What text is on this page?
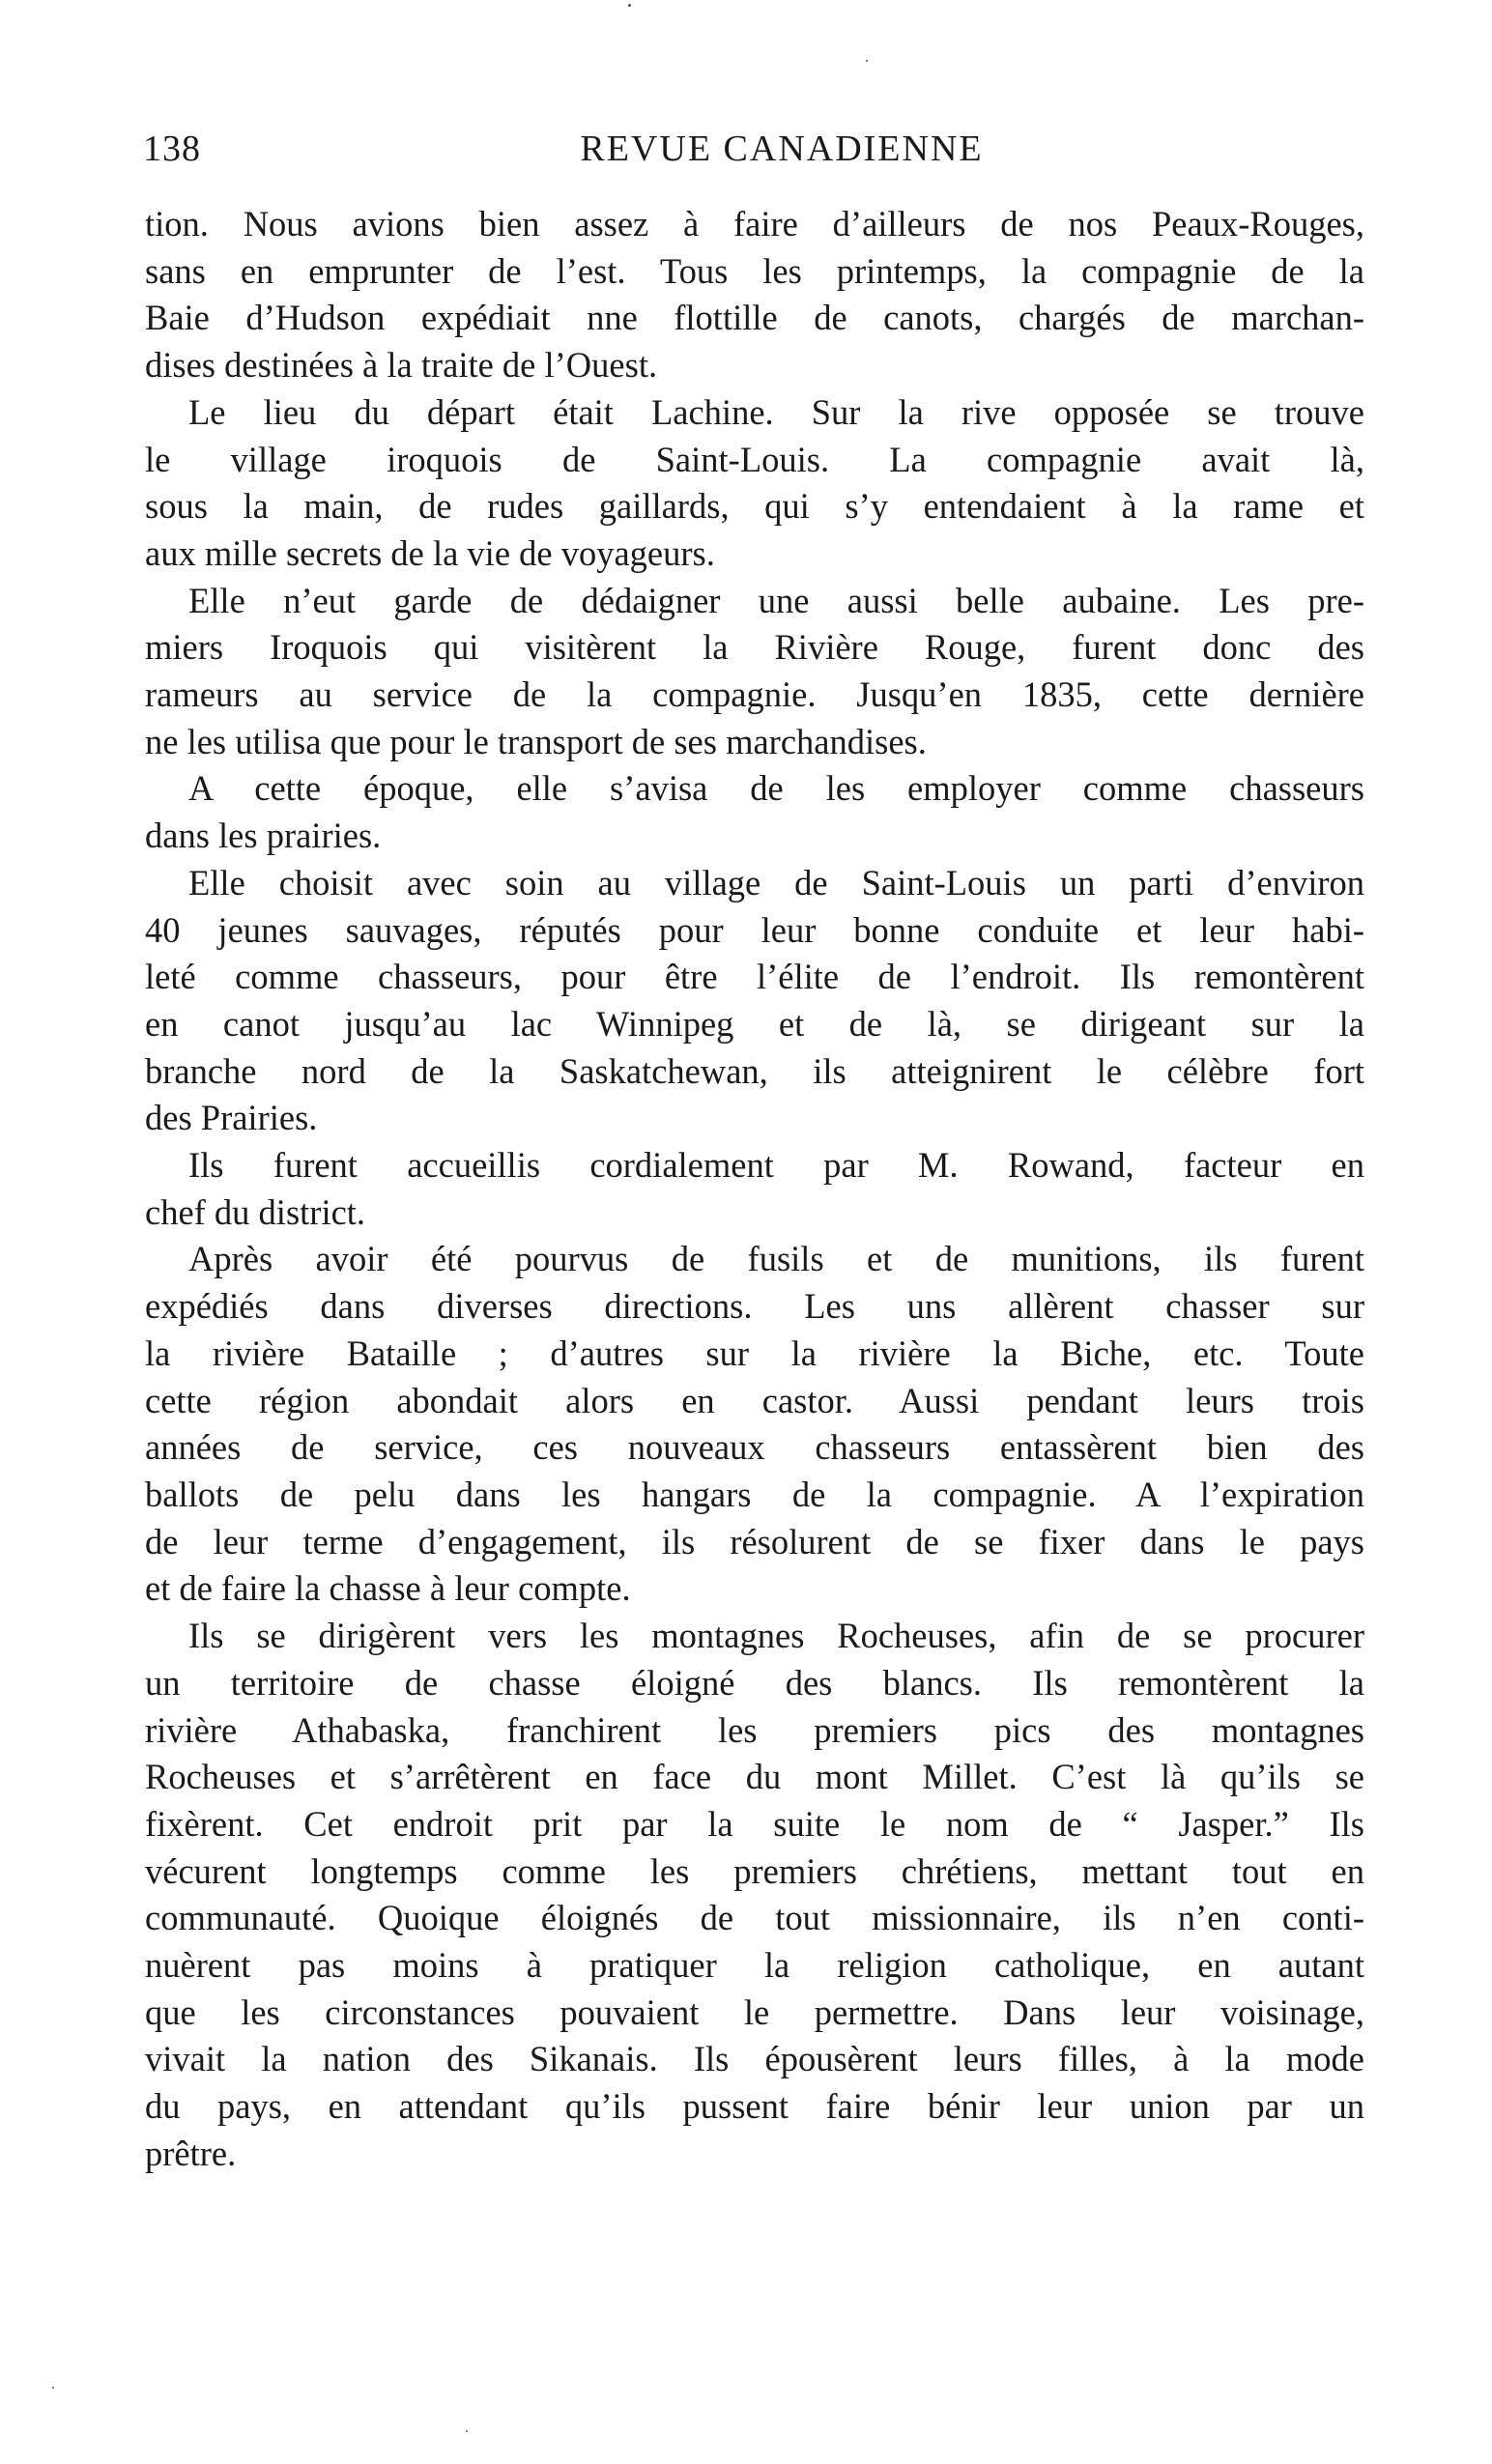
138	REVUE CANADIENNE
tion. Nous avions bien assez à faire d’ailleurs de nos Peaux-Rouges,
sans en emprunter de l’est. Tous les printemps, la compagnie de la
Baie d’Hudson expédiait nne flottille de canots, chargés de marchan-
dises destinées à la traite de l’Ouest.
Le lieu du départ était Lachine. Sur la rive opposée se trouve
le village iroquois de Saint-Louis. La compagnie avait là,
sous la main, de rudes gaillards, qui s’y entendaient à la rame et
aux mille secrets de la vie de voyageurs.
Elle n’eut garde de dédaigner une aussi belle aubaine. Les pre-
miers Iroquois qui visitèrent la Rivière Rouge, furent donc des
rameurs au service de la compagnie. Jusqu’en 1835, cette dernière
ne les utilisa que pour le transport de ses marchandises.
A cette époque, elle s’avisa de les employer comme chasseurs
dans les prairies.
Elle choisit avec soin au village de Saint-Louis un parti d’environ
40 jeunes sauvages, réputés pour leur bonne conduite et leur habi-
leté comme chasseurs, pour être l’élite de l’endroit. Ils remontèrent
en canot jusqu’au lac Winnipeg et de là, se dirigeant sur la
branche nord de la Saskatchewan, ils atteignirent le célèbre fort
des Prairies.
Ils furent accueillis cordialement par M. Rowand, facteur en
chef du district.
Après avoir été pourvus de fusils et de munitions, ils furent
expédiés dans diverses directions. Les uns allèrent chasser sur
la rivière Bataille ; d’autres sur la rivière la Biche, etc. Toute
cette région abondait alors en castor. Aussi pendant leurs trois
années de service, ces nouveaux chasseurs entassèrent bien des
ballots de pelu dans les hangars de la compagnie. A l’expiration
de leur terme d’engagement, ils résolurent de se fixer dans le pays
et de faire la chasse à leur compte.
Ils se dirigèrent vers les montagnes Rocheuses, afin de se procurer
un territoire de chasse éloigné des blancs. Ils remontèrent la
rivière Athabaska, franchirent les premiers pics des montagnes
Rocheuses et s’arrêtèrent en face du mont Millet. C’est là qu’ils se
fixèrent. Cet endroit prit par la suite le nom de “ Jasper.” Ils
vécurent longtemps comme les premiers chrétiens, mettant tout en
communauté. Quoique éloignés de tout missionnaire, ils n’en conti-
nuèrent pas moins à pratiquer la religion catholique, en autant
que les circonstances pouvaient le permettre. Dans leur voisinage,
vivait la nation des Sikanais. Ils épousèrent leurs filles, à la mode
du pays, en attendant qu’ils pussent faire bénir leur union par un
prêtre.
